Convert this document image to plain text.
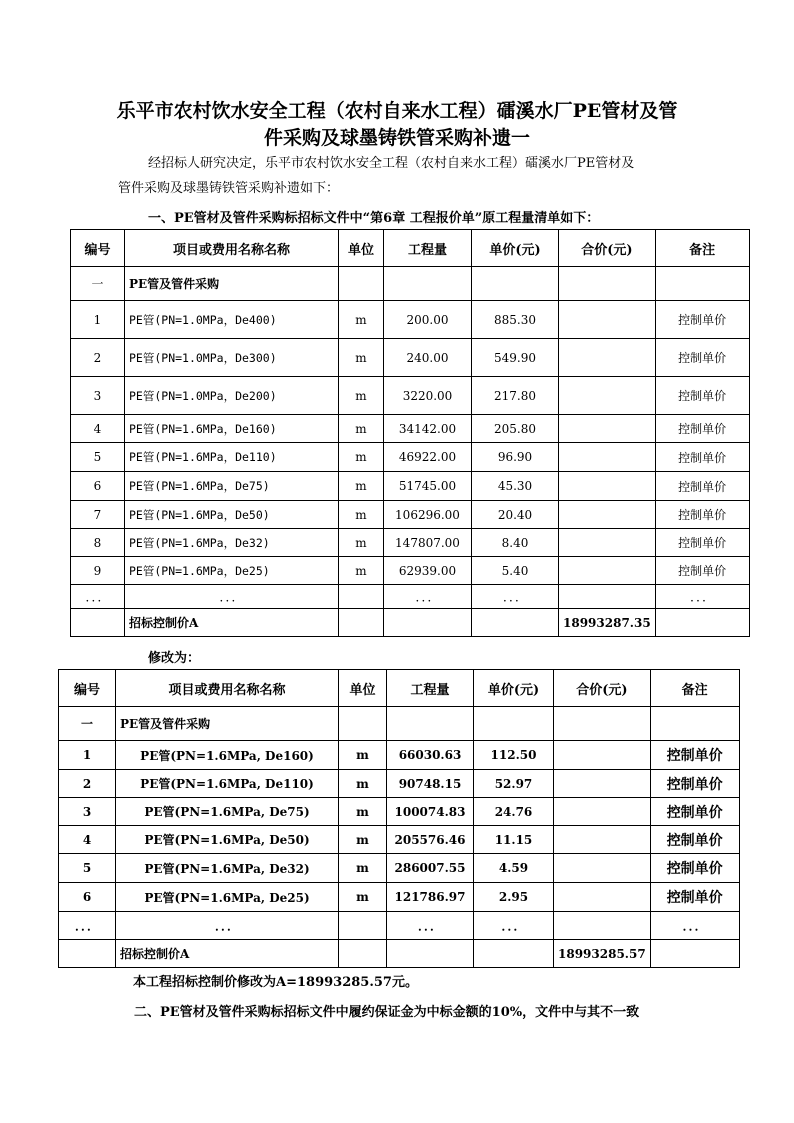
乐平市农村饮水安全工程（农村自来水工程）礌溪水厂PE管材及管
件采购及球墨铸铁管采购补遗一
经招标人研究决定，乐平市农村饮水安全工程（农村自来水工程）礌溪水厂PE管材及
管件采购及球墨铸铁管采购补遗如下：
一、PE管材及管件采购标招标文件中“第6章 工程报价单”原工程量清单如下：
编号	项目或费用名称名称	单位	工程量	单价(元)	合价(元)	备注
一	PE管及管件采购					
1	PE管(PN=1.0MPa，De400)	m	200.00	885.30		控制单价
2	PE管(PN=1.0MPa，De300)	m	240.00	549.90		控制单价
3	PE管(PN=1.0MPa，De200)	m	3220.00	217.80		控制单价
4	PE管(PN=1.6MPa，De160)	m	34142.00	205.80		控制单价
5	PE管(PN=1.6MPa，De110)	m	46922.00	96.90		控制单价
6	PE管(PN=1.6MPa，De75)	m	51745.00	45.30		控制单价
7	PE管(PN=1.6MPa，De50)	m	106296.00	20.40		控制单价
8	PE管(PN=1.6MPa，De32)	m	147807.00	8.40		控制单价
9	PE管(PN=1.6MPa，De25)	m	62939.00	5.40		控制单价
．．．	．．．		．．．	．．．		．．．
	招标控制价A				18993287.35	
修改为：
编号	项目或费用名称名称	单位	工程量	单价(元)	合价(元)	备注
一	PE管及管件采购					
1	PE管(PN=1.6MPa, De160)	m	66030.63	112.50		控制单价
2	PE管(PN=1.6MPa, De110)	m	90748.15	52.97		控制单价
3	PE管(PN=1.6MPa, De75)	m	100074.83	24.76		控制单价
4	PE管(PN=1.6MPa, De50)	m	205576.46	11.15		控制单价
5	PE管(PN=1.6MPa, De32)	m	286007.55	4.59		控制单价
6	PE管(PN=1.6MPa, De25)	m	121786.97	2.95		控制单价
．．．	．．．		．．．	．．．		．．．
	招标控制价A				18993285.57	
本工程招标控制价修改为A=18993285.57元。
二、PE管材及管件采购标招标文件中履约保证金为中标金额的10%，文件中与其不一致
